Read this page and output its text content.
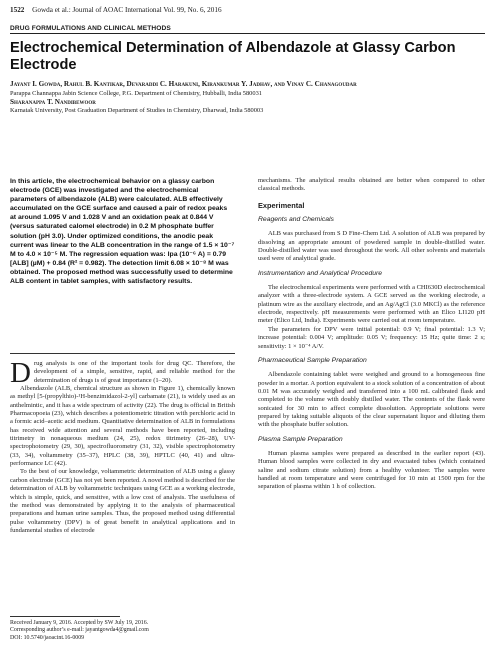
1522 Gowda et al.: Journal of AOAC International Vol. 99, No. 6, 2016
DRUG FORMULATIONS AND CLINICAL METHODS
Electrochemical Determination of Albendazole at Glassy Carbon Electrode
Jayant I. Gowda, Rahul B. Kantikar, Devaraddi C. Harakuni, Kirankumar Y. Jadhav, and Vinay C. Chanagoudar
Parappa Channappa Jabin Science College, P.G. Department of Chemistry, Hubballi, India 580031
Sharanappa T. Nandibewoor
Karnatak University, Post Graduation Department of Studies in Chemistry, Dharwad, India 580003
In this article, the electrochemical behavior on a glassy carbon electrode (GCE) was investigated and the electrochemical parameters of albendazole (ALB) were calculated. ALB effectively accumulated on the GCE surface and caused a pair of redox peaks at around 1.095 V and 1.028 V and an oxidation peak at 0.844 V (versus saturated calomel electrode) in 0.2 M phosphate buffer solution (pH 3.0). Under optimized conditions, the anodic peak current was linear to the ALB concentration in the range of 1.5 × 10⁻⁷ M to 4.0 × 10⁻⁵ M. The regression equation was: Ipa (10⁻⁶ A) = 0.79 [ALB] (µM) + 0.84 (R² = 0.982). The detection limit 6.08 × 10⁻⁸ M was obtained. The proposed method was successfully used to determine ALB content in tablet samples, with satisfactory results.

Drug analysis is one of the important tools for drug QC. Therefore, the development of a simple, sensitive, rapid, and reliable method for the determination of drugs is of great importance (1–20).

Albendazole (ALB, chemical structure as shown in Figure 1), chemically known as methyl [5-(propylthio)-¹H-benzimidazol-2-yl] carbamate (21), is widely used as an anthelmintic, and it has a wide spectrum of activity (22). The drug is official in British Pharmacopoeia (23), which describes a potentiometric titration with perchloric acid in a formic acid–acetic acid medium. Quantitative determination of ALB in formulations has received wide attention and several methods have been reported, including titrimetry in nonaqueous medium (24, 25), redox titrimetry (26–28), UV-spectrophotometry (29, 30), spectrofluorometry (31, 32), visible spectrophotometry (33, 34), voltammetry (35–37), HPLC (38, 39), HPTLC (40, 41) and ultra-performance LC (42).

To the best of our knowledge, voltammetric determination of ALB using a glassy carbon electrode (GCE) has not yet been reported. A novel method is described for the determination of ALB by voltammetric techniques using GCE as a working electrode, which is simple, quick, and sensitive, with a low cost of analysis. The usefulness of the method was demonstrated by applying it to the analysis of pharmaceutical preparations and human urine samples. Thus, the proposed method using differential pulse voltammetry (DPV) is of great benefit in analytical applications and in fundamental studies of electrode

Received January 9, 2016. Accepted by SW July 19, 2016.
Corresponding author’s e-mail: jayantgowda4@gmail.com
DOI: 10.5740/jaoacint.16-0009

mechanisms. The analytical results obtained are better when compared to other classical methods.

Experimental
Reagents and Chemicals

ALB was purchased from S D Fine-Chem Ltd. A solution of ALB was prepared by dissolving an appropriate amount of powdered sample in double-distilled water. Double-distilled water was used throughout the work. All other solvents and materials used were of analytical grade.

Instrumentation and Analytical Procedure

The electrochemical experiments were performed with a CHI630D electrochemical analyzer with a three-electrode system. A GCE served as the working electrode, a platinum wire as the auxiliary electrode, and an Ag/AgCl (3.0 MKCl) as the reference electrode, respectively. pH measurements were performed with an Elico LI120 pH meter (Elico Ltd, India). Experiments were carried out at room temperature.

The parameters for DPV were initial potential: 0.9 V; final potential: 1.3 V; increase potential: 0.004 V; amplitude: 0.05 V; frequency: 15 Hz; quite time: 2 s; sensitivity: 1 × 10⁻⁴ A/V.

Pharmaceutical Sample Preparation

Albendazole containing tablet were weighed and ground to a homogeneous fine powder in a mortar. A portion equivalent to a stock solution of a concentration of about 0.01 M was accurately weighed and transferred into a 100 mL calibrated flask and completed to the volume with doubly distilled water. The contents of the flask were sonicated for 30 min to affect complete dissolution. Appropriate solutions were prepared by taking suitable aliquots of the clear supernatant liquor and diluting them with the phosphate buffer solution.

Plasma Sample Preparation

Human plasma samples were prepared as described in the earlier report (43). Human blood samples were collected in dry and evacuated tubes (which contained saline and sodium citrate solution) from a healthy volunteer. The samples were handled at room temperature and were centrifuged for 10 min at 1500 rpm for the separation of plasma within 1 h of collection.
